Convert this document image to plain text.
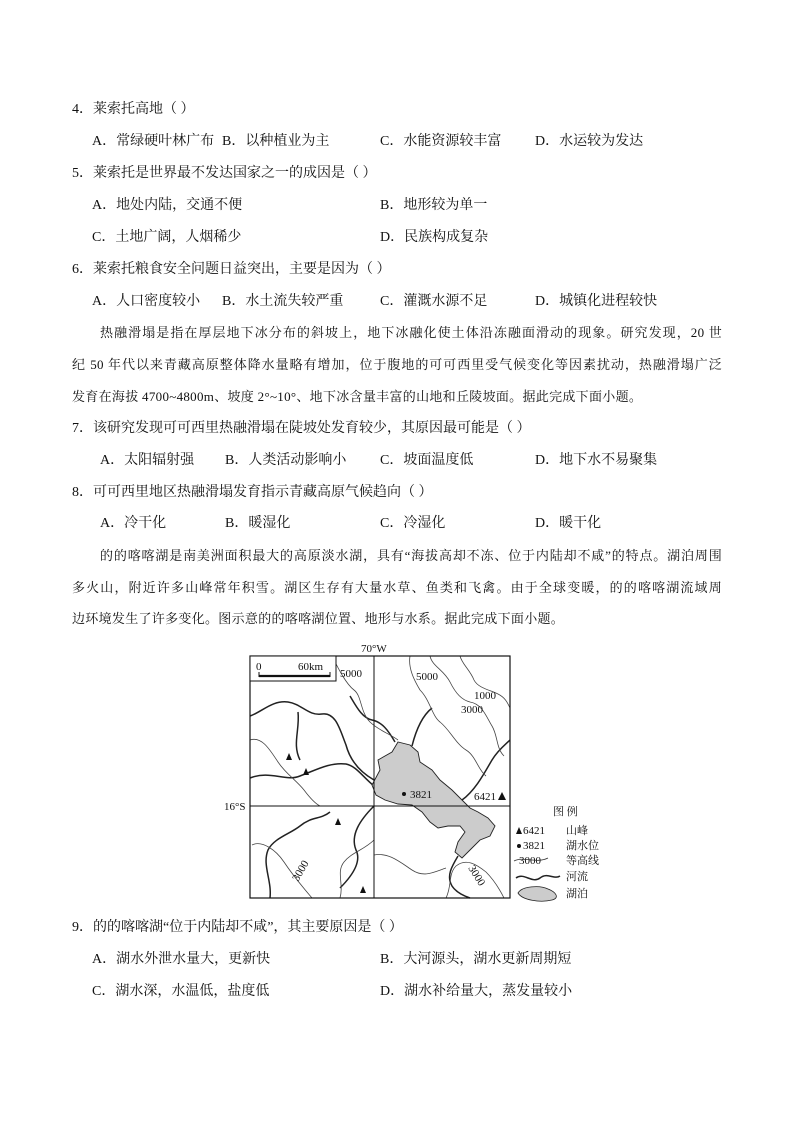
4．莱索托高地（ ）
A．常绿硬叶林广布 B．以种植业为主	C．水能资源较丰富 D．水运较为发达
5．莱索托是世界最不发达国家之一的成因是（ ）
A．地处内陆，交通不便	B．地形较为单一
C．土地广阔，人烟稀少	D．民族构成复杂
6．莱索托粮食安全问题日益突出，主要是因为（ ）
A．人口密度较小 B．水土流失较严重	C．灌溉水源不足	D．城镇化进程较快
热融滑塌是指在厚层地下冰分布的斜坡上，地下冰融化使土体沿冻融面滑动的现象。研究发现，20 世
纪 50 年代以来青藏高原整体降水量略有增加，位于腹地的可可西里受气候变化等因素扰动，热融滑塌广泛
发育在海拔 4700~4800m、坡度 2°~10°、地下冰含量丰富的山地和丘陵坡面。据此完成下面小题。
7．该研究发现可可西里热融滑塌在陡坡处发育较少，其原因最可能是（ ）
A．太阳辐射强 B．人类活动影响小 C．坡面温度低	D．地下水不易聚集
8．可可西里地区热融滑塌发育指示青藏高原气候趋向（ ）
A．冷干化	B．暖湿化	C．冷湿化	D．暖干化
的的喀喀湖是南美洲面积最大的高原淡水湖，具有“海拔高却不冻、位于内陆却不咸”的特点。湖泊周围
多火山，附近许多山峰常年积雪。湖区生存有大量水草、鱼类和飞禽。由于全球变暖，的的喀喀湖流域周
边环境发生了许多变化。图示意的的喀喀湖位置、地形与水系。据此完成下面小题。
70°W
16°S
0	60km
5000	5000
1000
3000
3000	3000
6421
3821
图 例
6421 山峰
3821 湖水位
3000 等高线
河流
湖泊
9．的的喀喀湖“位于内陆却不咸”，其主要原因是（ ）
A．湖水外泄水量大，更新快	B．大河源头，湖水更新周期短
C．湖水深，水温低，盐度低	D．湖水补给量大，蒸发量较小
